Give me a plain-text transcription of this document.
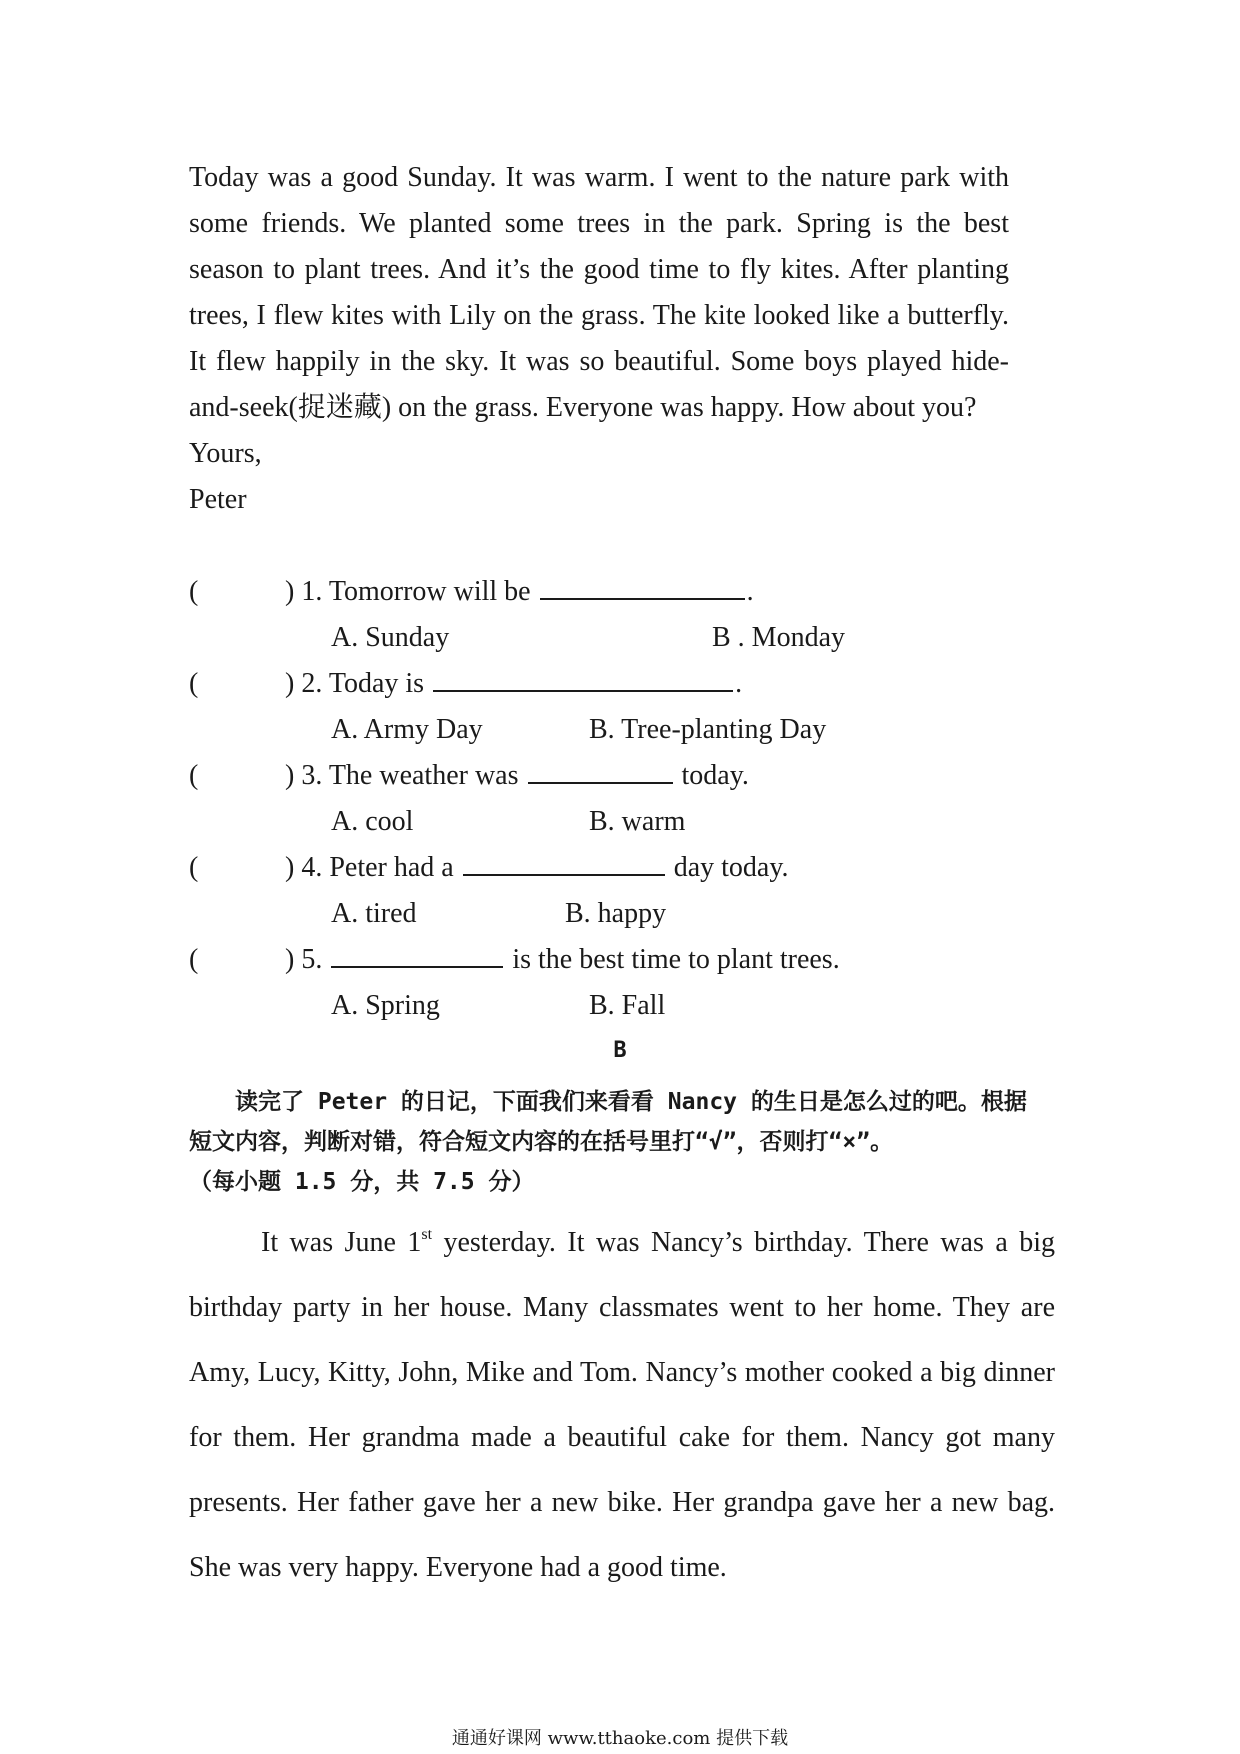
Today was a good Sunday. It was warm. I went to the nature park with some friends. We planted some trees in the park. Spring is the best season to plant trees. And it’s the good time to fly kites. After planting trees, I flew kites with Lily on the grass. The kite looked like a butterfly. It flew happily in the sky. It was so beautiful. Some boys played hide-and-seek(捉迷藏) on the grass. Everyone was happy. How about you?

Yours,
Peter
(	) 1. Tomorrow will be	.
A. Sunday	B . Monday
(	) 2. Today is	.
A. Army Day	B. Tree-planting Day
(	) 3. The weather was	today.
A. cool	B. warm
(	) 4. Peter had a	day today.
A. tired	B. happy
(	) 5.	is the best time to plant trees.
A. Spring	B. Fall
B

读完了 Peter 的日记，下面我们来看看 Nancy 的生日是怎么过的吧。根据

短文内容，判断对错，符合短文内容的在括号里打“√”，否则打“×”。

（每小题 1.5 分，共 7.5 分）

It was June 1st yesterday. It was Nancy’s birthday. There was a big birthday party in her house. Many classmates went to her home. They are Amy, Lucy, Kitty, John, Mike and Tom. Nancy’s mother cooked a big dinner for them. Her grandma made a beautiful cake for them. Nancy got many presents. Her father gave her a new bike. Her grandpa gave her a new bag. She was very happy. Everyone had a good time.

通通好课网 www.tthaoke.com 提供下载
